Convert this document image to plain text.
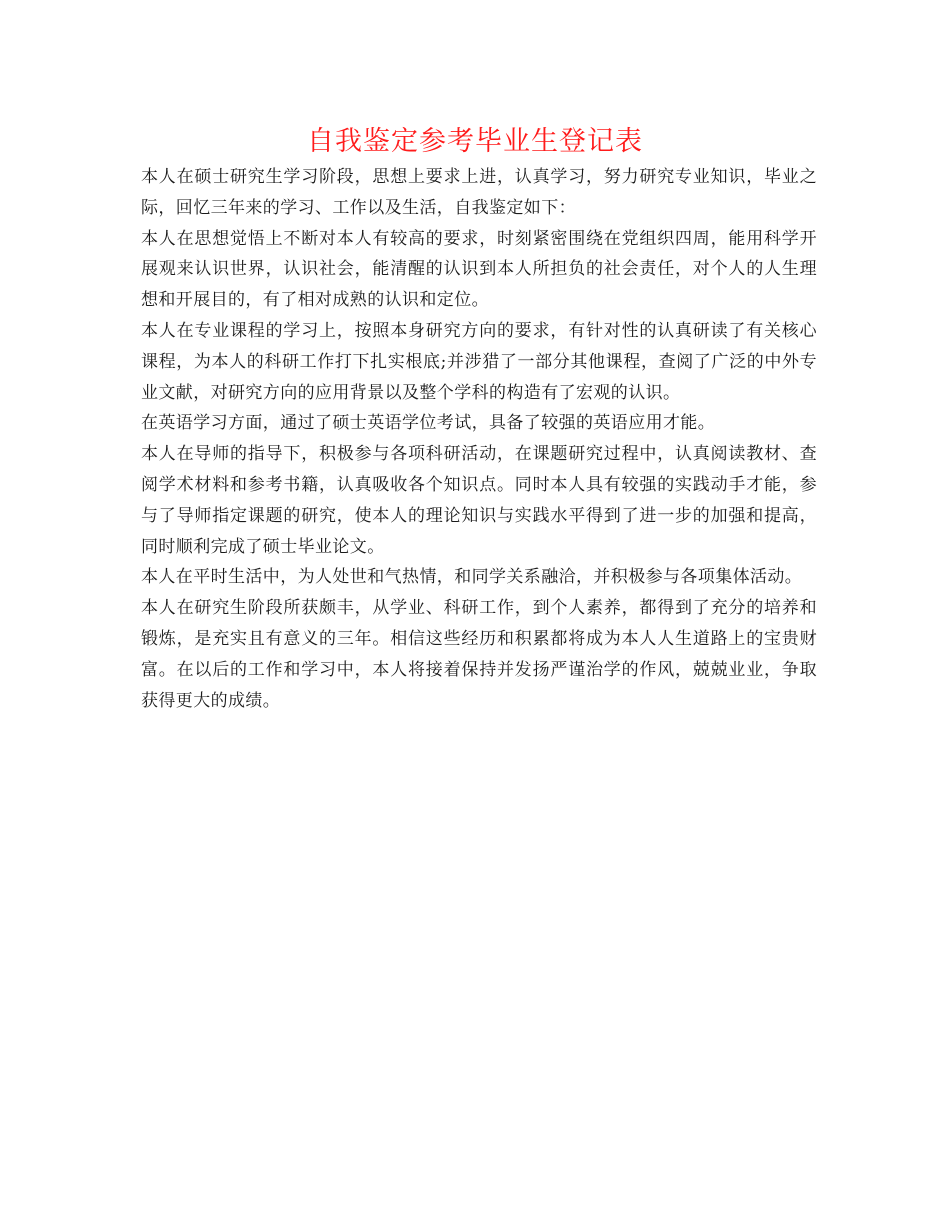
自我鉴定参考毕业生登记表

本人在硕士研究生学习阶段，思想上要求上进，认真学习，努力研究专业知识，毕业之际，回忆三年来的学习、工作以及生活，自我鉴定如下：

本人在思想觉悟上不断对本人有较高的要求，时刻紧密围绕在党组织四周，能用科学开展观来认识世界，认识社会，能清醒的认识到本人所担负的社会责任，对个人的人生理想和开展目的，有了相对成熟的认识和定位。

本人在专业课程的学习上，按照本身研究方向的要求，有针对性的认真研读了有关核心课程，为本人的科研工作打下扎实根底;并涉猎了一部分其他课程，查阅了广泛的中外专业文献，对研究方向的应用背景以及整个学科的构造有了宏观的认识。

在英语学习方面，通过了硕士英语学位考试，具备了较强的英语应用才能。

本人在导师的指导下，积极参与各项科研活动，在课题研究过程中，认真阅读教材、查阅学术材料和参考书籍，认真吸收各个知识点。同时本人具有较强的实践动手才能，参与了导师指定课题的研究，使本人的理论知识与实践水平得到了进一步的加强和提高，同时顺利完成了硕士毕业论文。

本人在平时生活中，为人处世和气热情，和同学关系融洽，并积极参与各项集体活动。

本人在研究生阶段所获颇丰，从学业、科研工作，到个人素养，都得到了充分的培养和锻炼，是充实且有意义的三年。相信这些经历和积累都将成为本人人生道路上的宝贵财富。在以后的工作和学习中，本人将接着保持并发扬严谨治学的作风，兢兢业业，争取获得更大的成绩。
